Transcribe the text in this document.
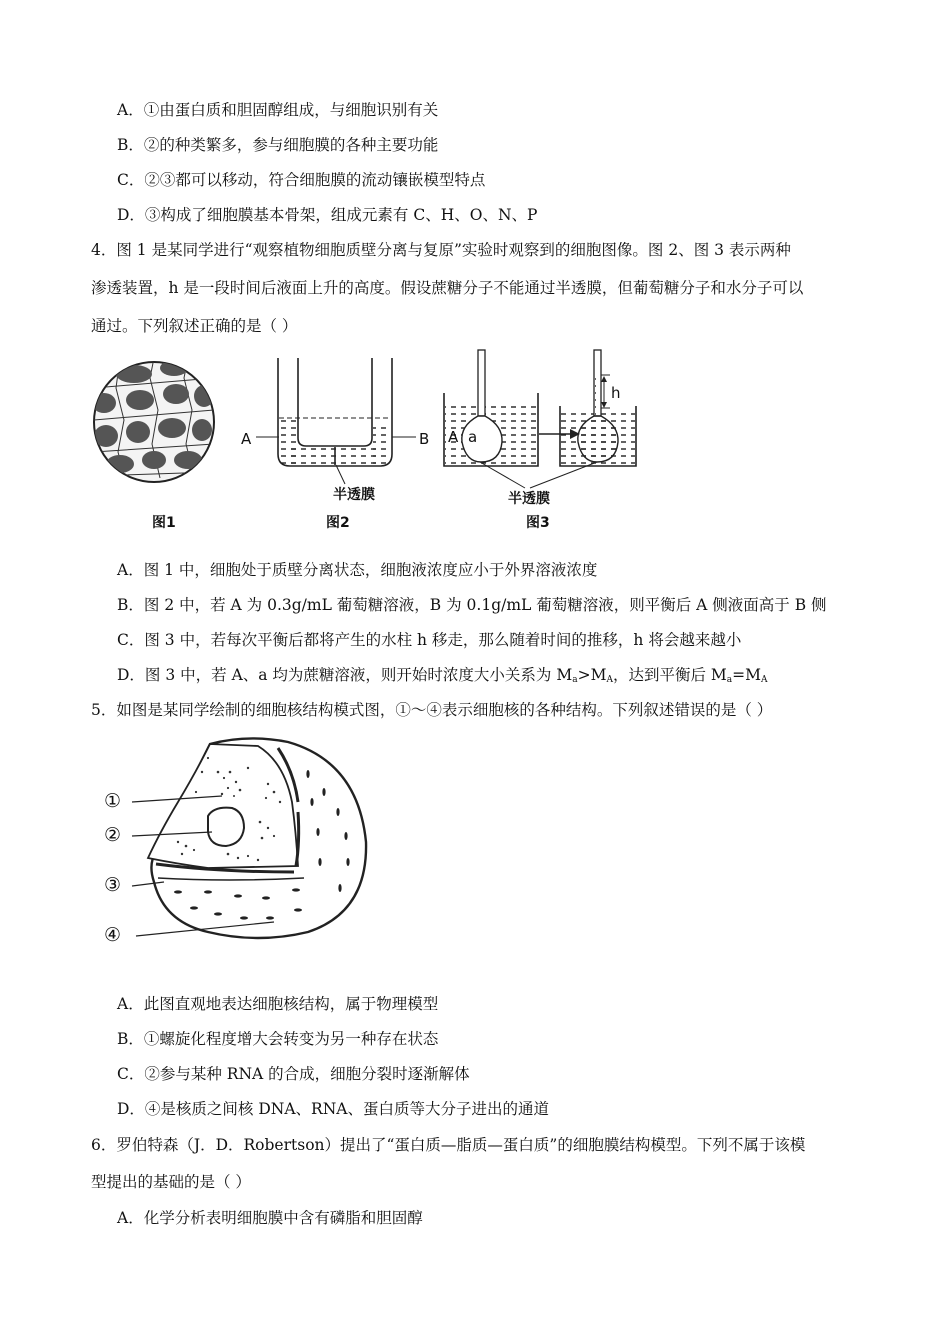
A．①由蛋白质和胆固醇组成，与细胞识别有关
B．②的种类繁多，参与细胞膜的各种主要功能
C．②③都可以移动，符合细胞膜的流动镶嵌模型特点
D．③构成了细胞膜基本骨架，组成元素有 C、H、O、N、P
4．图 1 是某同学进行“观察植物细胞质壁分离与复原”实验时观察到的细胞图像。图 2、图 3 表示两种
渗透装置，h 是一段时间后液面上升的高度。假设蔗糖分子不能通过半透膜，但葡萄糖分子和水分子可以
通过。下列叙述正确的是（ ）
A	B A a
h
半透膜	半透膜
图1	图2	图3
A．图 1 中，细胞处于质壁分离状态，细胞液浓度应小于外界溶液浓度
B．图 2 中，若 A 为 0.3g/mL 葡萄糖溶液，B 为 0.1g/mL 葡萄糖溶液，则平衡后 A 侧液面高于 B 侧
C．图 3 中，若每次平衡后都将产生的水柱 h 移走，那么随着时间的推移，h 将会越来越小
D．图 3 中，若 A、a 均为蔗糖溶液，则开始时浓度大小关系为 $M_a>M_A$，达到平衡后 $M_a=M_A$
5．如图是某同学绘制的细胞核结构模式图，①～④表示细胞核的各种结构。下列叙述错误的是（ ）
①
②
③
④
A．此图直观地表达细胞核结构，属于物理模型
B．①螺旋化程度增大会转变为另一种存在状态
C．②参与某种 RNA 的合成，细胞分裂时逐渐解体
D．④是核质之间核 DNA、RNA、蛋白质等大分子进出的通道
6．罗伯特森（J．D．Robertson）提出了“蛋白质—脂质—蛋白质”的细胞膜结构模型。下列不属于该模
型提出的基础的是（ ）
A．化学分析表明细胞膜中含有磷脂和胆固醇
